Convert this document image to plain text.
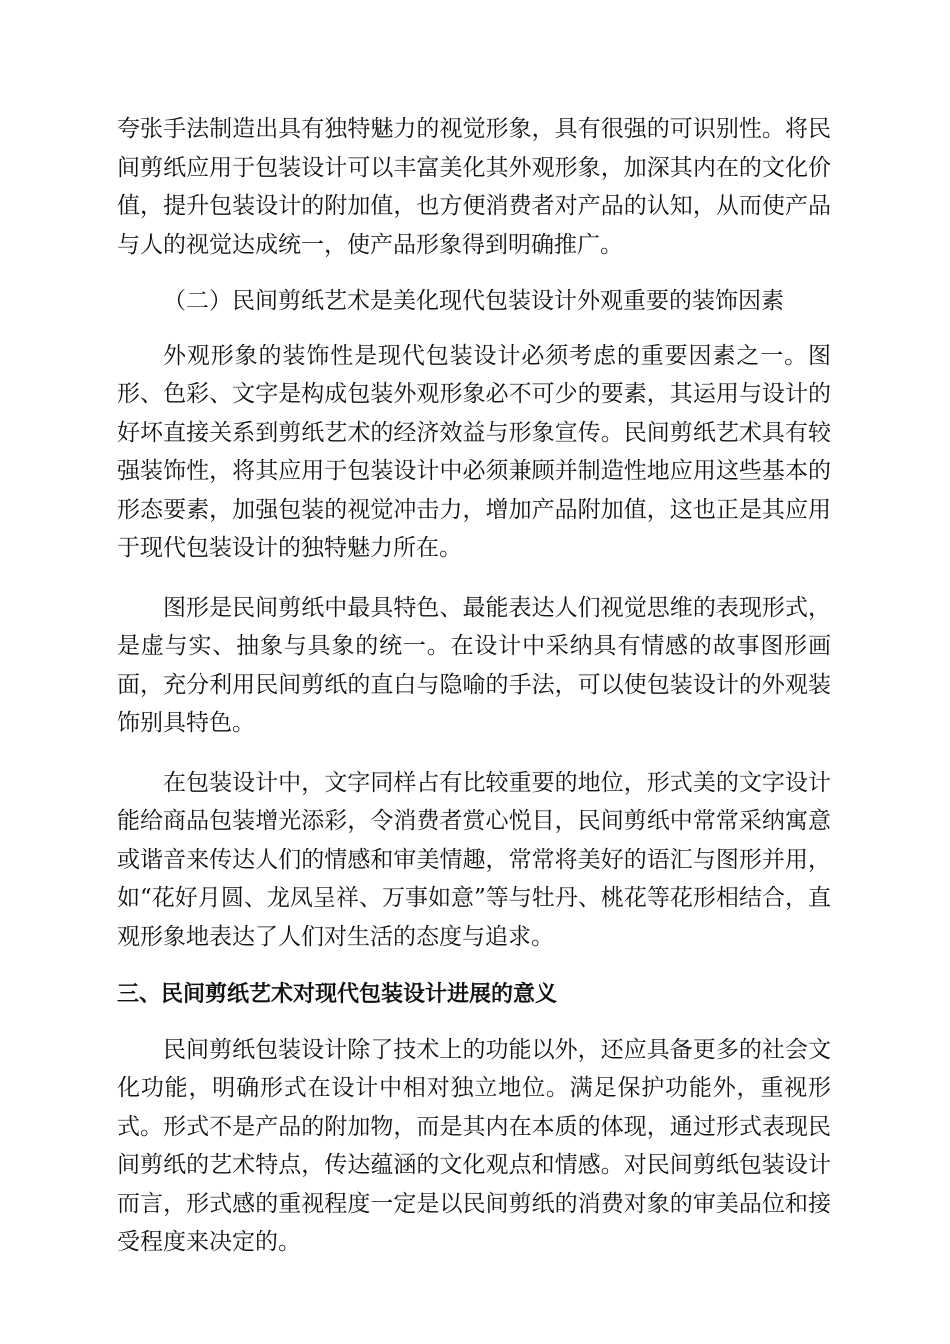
夸张手法制造出具有独特魅力的视觉形象，具有很强的可识别性。将民间剪纸应用于包装设计可以丰富美化其外观形象，加深其内在的文化价值，提升包装设计的附加值，也方便消费者对产品的认知，从而使产品与人的视觉达成统一，使产品形象得到明确推广。

（二）民间剪纸艺术是美化现代包装设计外观重要的装饰因素

外观形象的装饰性是现代包装设计必须考虑的重要因素之一。图形、色彩、文字是构成包装外观形象必不可少的要素，其运用与设计的好坏直接关系到剪纸艺术的经济效益与形象宣传。民间剪纸艺术具有较强装饰性，将其应用于包装设计中必须兼顾并制造性地应用这些基本的形态要素，加强包装的视觉冲击力，增加产品附加值，这也正是其应用于现代包装设计的独特魅力所在。

图形是民间剪纸中最具特色、最能表达人们视觉思维的表现形式，是虚与实、抽象与具象的统一。在设计中采纳具有情感的故事图形画面，充分利用民间剪纸的直白与隐喻的手法，可以使包装设计的外观装饰别具特色。

在包装设计中，文字同样占有比较重要的地位，形式美的文字设计能给商品包装增光添彩，令消费者赏心悦目，民间剪纸中常常采纳寓意或谐音来传达人们的情感和审美情趣，常常将美好的语汇与图形并用，如“花好月圆、龙凤呈祥、万事如意”等与牡丹、桃花等花形相结合，直观形象地表达了人们对生活的态度与追求。

三、民间剪纸艺术对现代包装设计进展的意义

民间剪纸包装设计除了技术上的功能以外，还应具备更多的社会文化功能，明确形式在设计中相对独立地位。满足保护功能外，重视形式。形式不是产品的附加物，而是其内在本质的体现，通过形式表现民间剪纸的艺术特点，传达蕴涵的文化观点和情感。对民间剪纸包装设计而言，形式感的重视程度一定是以民间剪纸的消费对象的审美品位和接受程度来决定的。
